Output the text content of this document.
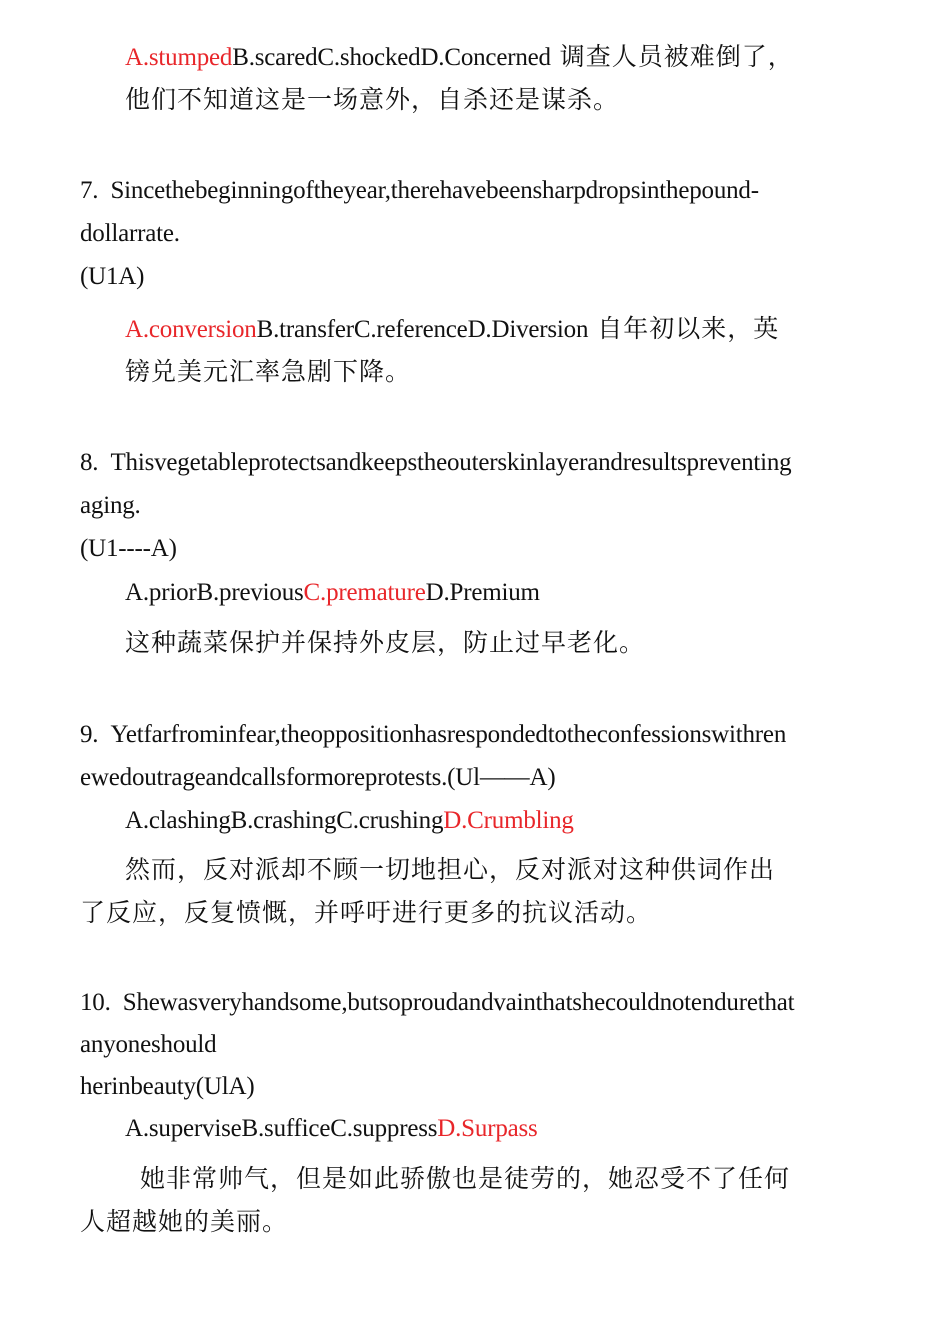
A.stumpedB.scaredC.shockedD.Concerned 调查人员被难倒了，
他们不知道这是一场意外，自杀还是谋杀。
7. Sincethebeginningoftheyear,therehavebeensharpdropsinthepound-
dollarrate.
(U1A)
A.conversionB.transferC.referenceD.Diversion 自年初以来，英
镑兑美元汇率急剧下降。
8. Thisvegetableprotectsandkeepstheouterskinlayerandresultspreventing
aging.
(U1----A)
A.priorB.previousC.prematureD.Premium
这种蔬菜保护并保持外皮层，防止过早老化。
9. Yetfarfrominfear,theoppositionhasrespondedtotheconfessionswithren
ewedoutrageandcallsformoreprotests.(Ul——A)
A.clashingB.crashingC.crushingD.Crumbling
然而，反对派却不顾一切地担心，反对派对这种供词作出
了反应，反复愤慨，并呼吁进行更多的抗议活动。
10. Shewasveryhandsome,butsoproudandvainthatshecouldnotendurethat
anyoneshould
herinbeauty(UlA)
A.superviseB.sufficeC.suppressD.Surpass
她非常帅气，但是如此骄傲也是徒劳的，她忍受不了任何
人超越她的美丽。
